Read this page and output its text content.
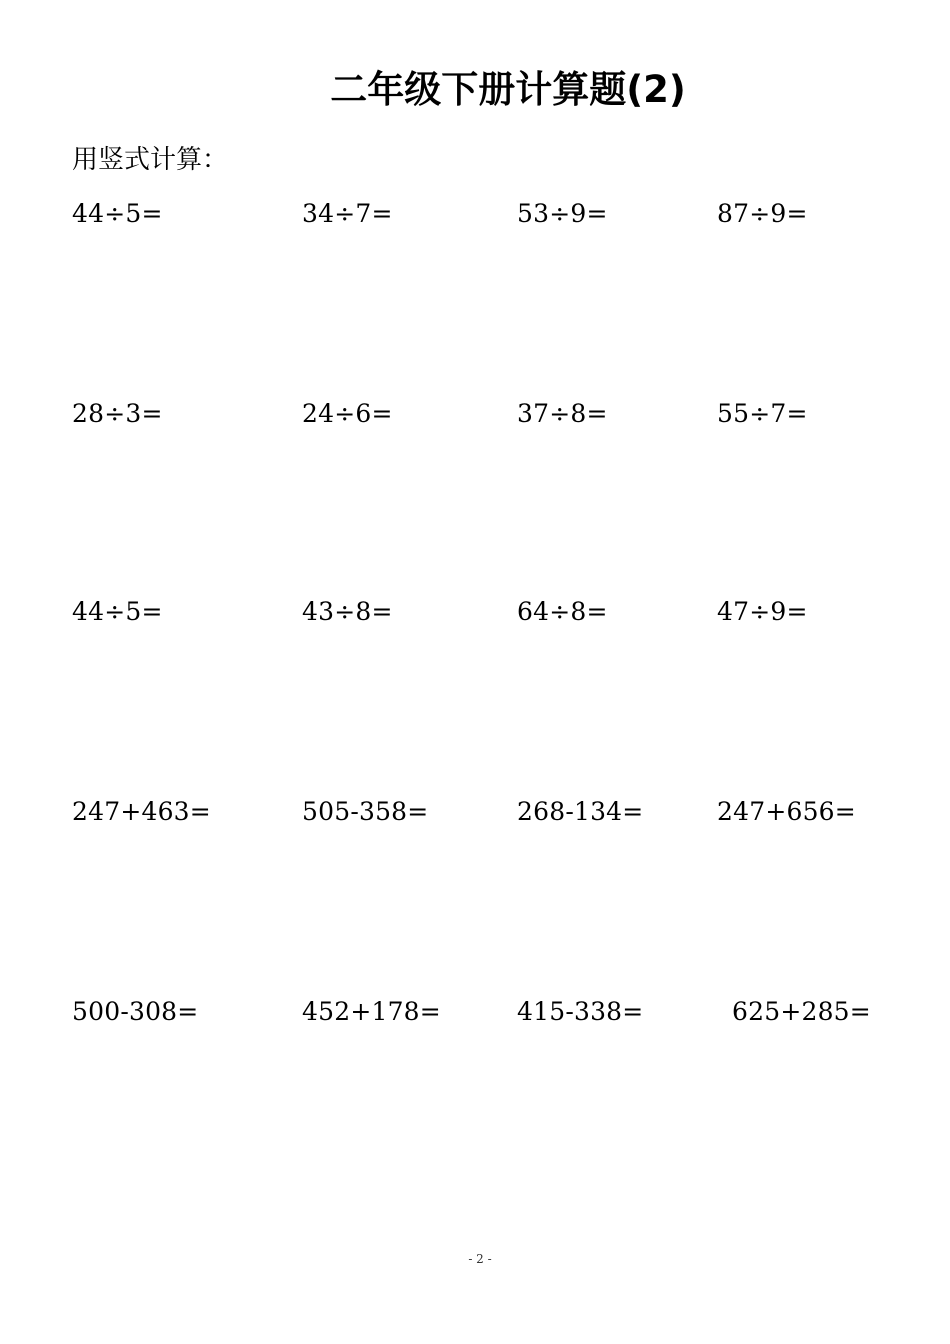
二年级下册计算题(2)
用竖式计算：
44÷5=	34÷7=	53÷9=	87÷9=
28÷3=	24÷6=	37÷8=	55÷7=
44÷5=	43÷8=	64÷8=	47÷9=
247+463=	505-358=	268-134=	247+656=
500-308=	452+178=	415-338=	625+285=
- 2 -
